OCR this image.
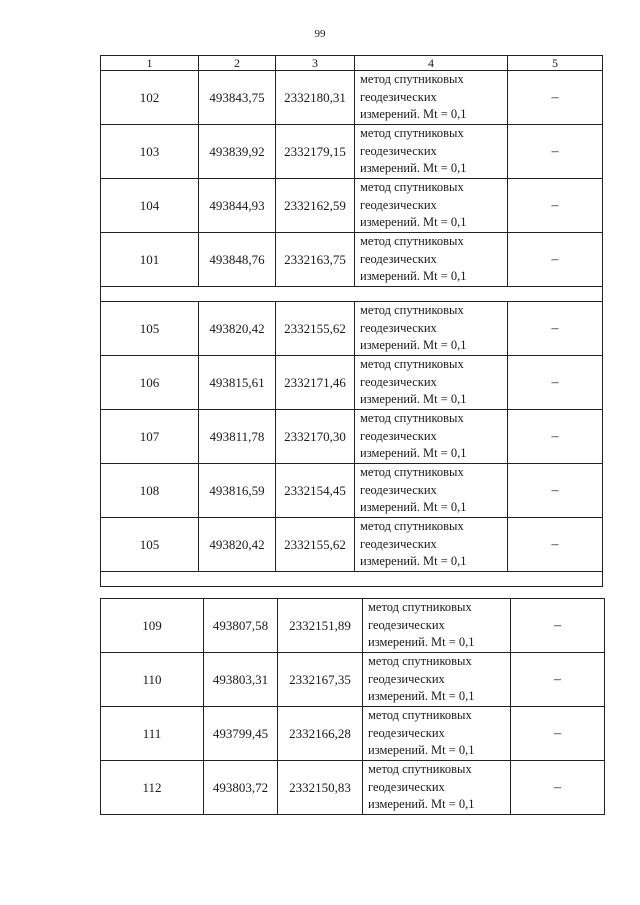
99
1	2	3	4	5
102	493843,75	2332180,31	метод спутниковых
геодезических
измерений. Mt = 0,1	–
103	493839,92	2332179,15	метод спутниковых
геодезических
измерений. Mt = 0,1	–
104	493844,93	2332162,59	метод спутниковых
геодезических
измерений. Mt = 0,1	–
101	493848,76	2332163,75	метод спутниковых
геодезических
измерений. Mt = 0,1	–

105	493820,42	2332155,62	метод спутниковых
геодезических
измерений. Mt = 0,1	–
106	493815,61	2332171,46	метод спутниковых
геодезических
измерений. Mt = 0,1	–
107	493811,78	2332170,30	метод спутниковых
геодезических
измерений. Mt = 0,1	–
108	493816,59	2332154,45	метод спутниковых
геодезических
измерений. Mt = 0,1	–
105	493820,42	2332155,62	метод спутниковых
геодезических
измерений. Mt = 0,1	–

109	493807,58	2332151,89	метод спутниковых
геодезических
измерений. Mt = 0,1	–
110	493803,31	2332167,35	метод спутниковых
геодезических
измерений. Mt = 0,1	–
111	493799,45	2332166,28	метод спутниковых
геодезических
измерений. Mt = 0,1	–
112	493803,72	2332150,83	метод спутниковых
геодезических
измерений. Mt = 0,1	–
